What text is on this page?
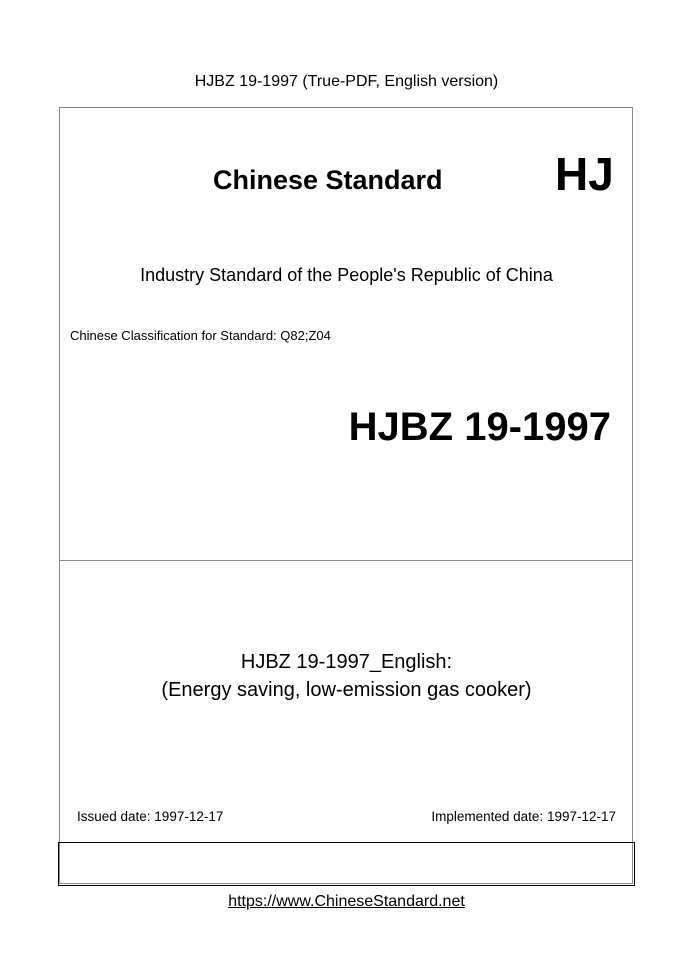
HJBZ 19-1997 (True-PDF, English version)
Chinese Standard HJ
Industry Standard of the People's Republic of China
Chinese Classification for Standard: Q82;Z04
HJBZ 19-1997
HJBZ 19-1997_English:
(Energy saving, low-emission gas cooker)
Issued date: 1997-12-17	Implemented date: 1997-12-17
https://www.ChineseStandard.net
